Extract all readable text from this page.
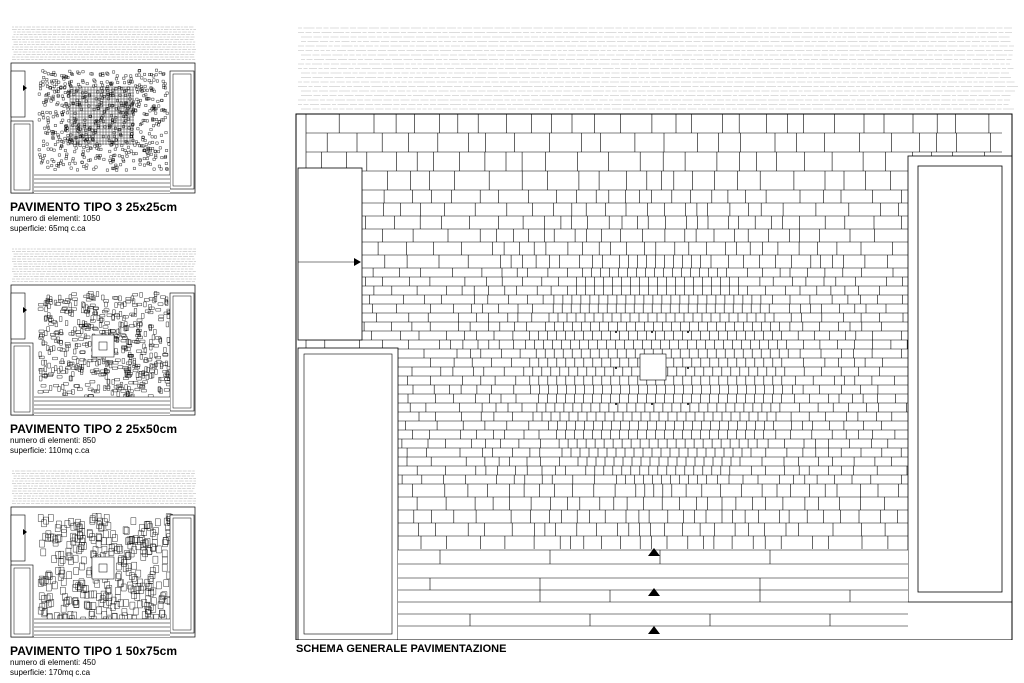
PAVIMENTO TIPO 3 25x25cm
numero di elementi: 1050
superficie: 65mq c.ca
PAVIMENTO TIPO 2 25x50cm
numero di elementi: 850
superficie: 110mq c.ca
PAVIMENTO TIPO 1 50x75cm
numero di elementi: 450
superficie: 170mq c.ca
SCHEMA GENERALE PAVIMENTAZIONE
